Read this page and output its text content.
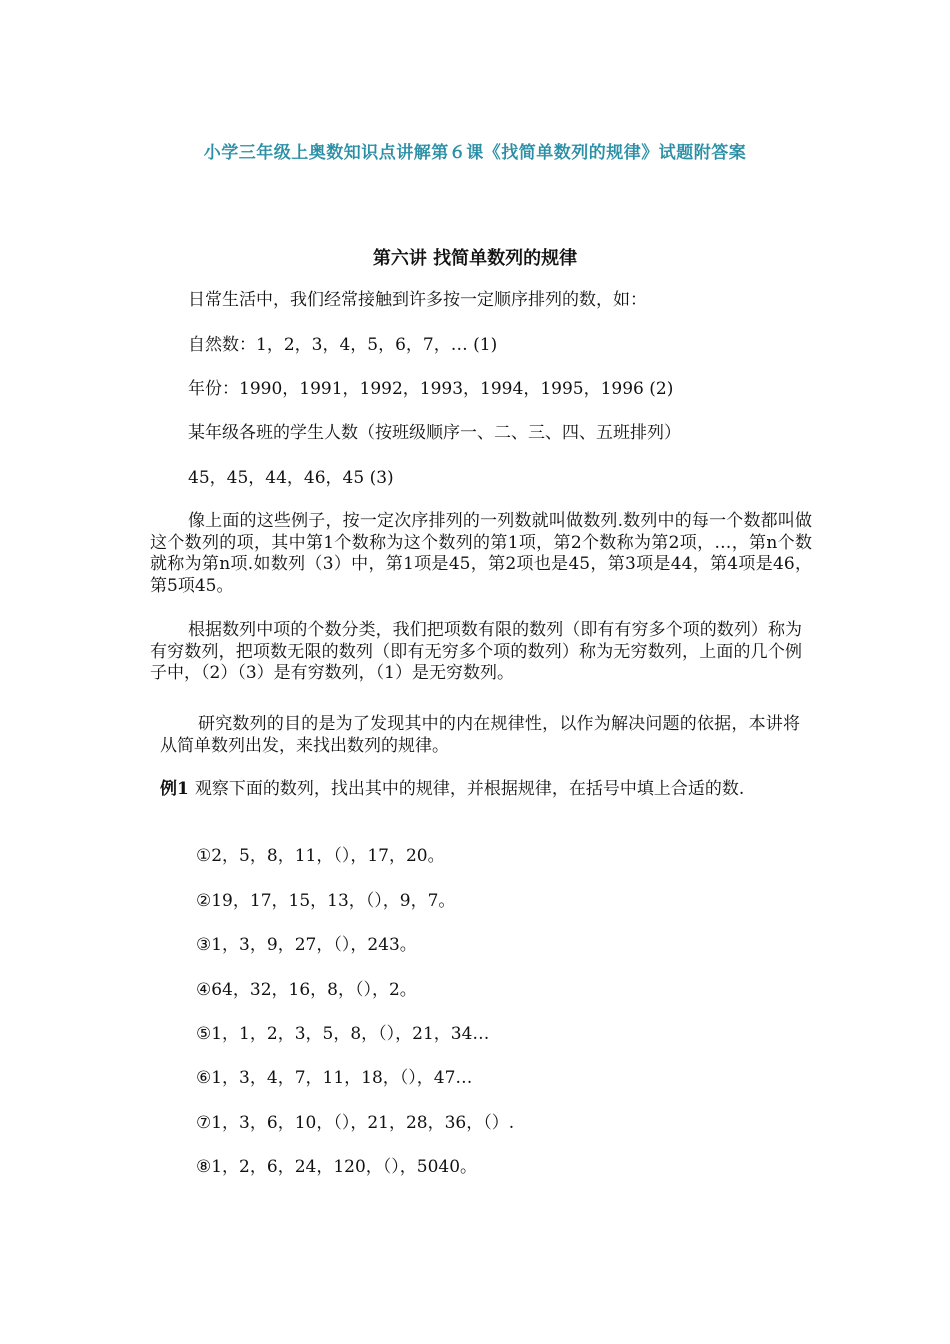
小学三年级上奥数知识点讲解第６课《找简单数列的规律》试题附答案
第六讲 找简单数列的规律

日常生活中，我们经常接触到许多按一定顺序排列的数，如：

自然数：1，2，3，4，5，6，7，… (1)

年份：1990，1991，1992，1993，1994，1995，1996 (2)

某年级各班的学生人数（按班级顺序一、二、三、四、五班排列）

45，45，44，46，45 (3)

像上面的这些例子，按一定次序排列的一列数就叫做数列.数列中的每一个数都叫做这个数列的项，其中第1个数称为这个数列的第1项，第2个数称为第2项，…，第n个数就称为第n项.如数列（3）中，第1项是45，第2项也是45，第3项是44，第4项是46，第5项45。

根据数列中项的个数分类，我们把项数有限的数列（即有有穷多个项的数列）称为有穷数列，把项数无限的数列（即有无穷多个项的数列）称为无穷数列，上面的几个例子中，（2）（3）是有穷数列，（1）是无穷数列。

研究数列的目的是为了发现其中的内在规律性，以作为解决问题的依据，本讲将从简单数列出发，来找出数列的规律。

例1 观察下面的数列，找出其中的规律，并根据规律，在括号中填上合适的数.

①2，5，8，11，（），17，20。

②19，17，15，13，（），9，7。

③1，3，9，27，（），243。

④64，32，16，8，（），2。

⑤1，1，2，3，5，8，（），21，34…

⑥1，3，4，7，11，18，（），47…

⑦1，3，6，10，（），21，28，36，（）.

⑧1，2，6，24，120，（），5040。
